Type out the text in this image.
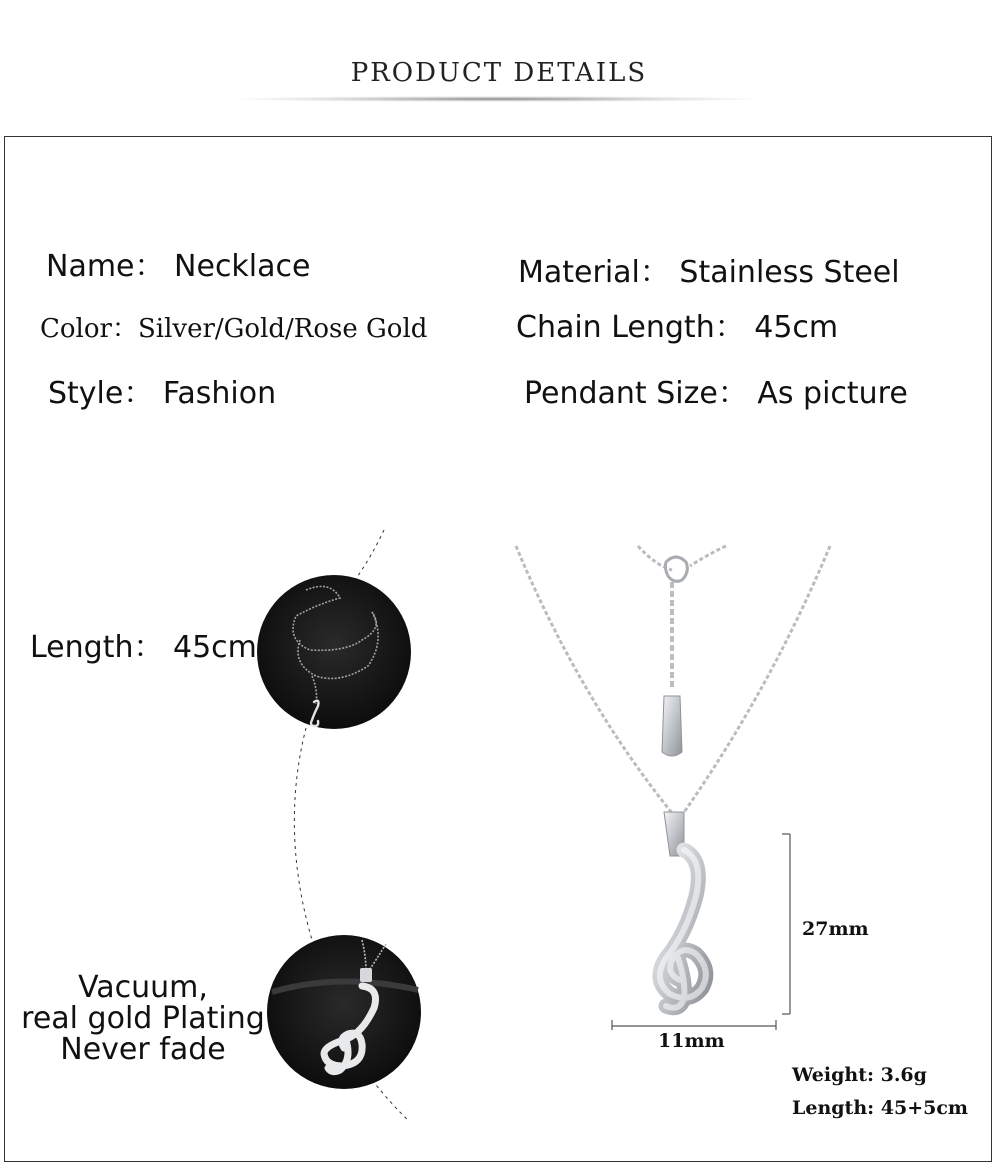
PRODUCT DETAILS
Name： Necklace
Color：Silver/Gold/Rose Gold
Style： Fashion
Material： Stainless Steel
Chain Length： 45cm
Pendant Size： As picture
Length： 45cm
Vacuum,
real gold Plating
Never fade
27mm
11mm
Weight: 3.6g
Length: 45+5cm
